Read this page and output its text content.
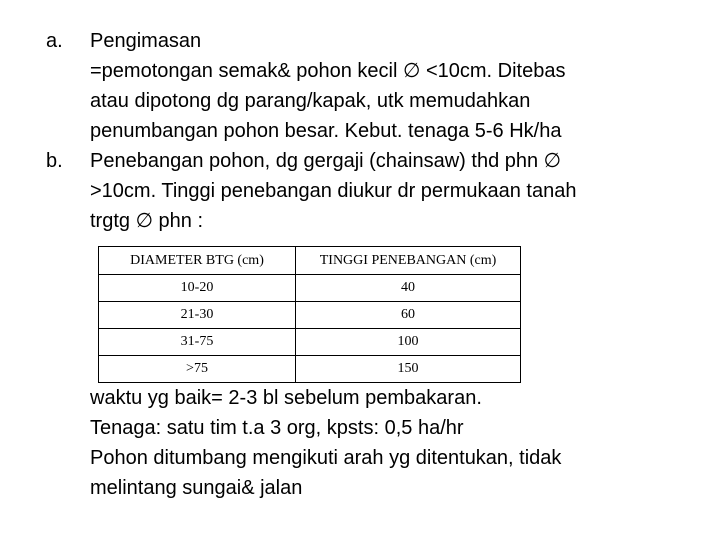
a.
b.
Pengimasan
=pemotongan semak& pohon kecil ∅ <10cm. Ditebas
atau dipotong dg parang/kapak, utk memudahkan
penumbangan pohon besar. Kebut. tenaga 5-6 Hk/ha
Penebangan pohon, dg gergaji (chainsaw) thd phn ∅
>10cm. Tinggi penebangan diukur dr permukaan tanah
trgtg ∅ phn :
DIAMETER BTG (cm)	TINGGI PENEBANGAN (cm)
10-20	40
21-30	60
31-75	100
>75	150
waktu yg baik= 2-3 bl sebelum pembakaran.
Tenaga: satu tim t.a 3 org, kpsts: 0,5 ha/hr
Pohon ditumbang mengikuti arah yg ditentukan, tidak
melintang sungai& jalan
